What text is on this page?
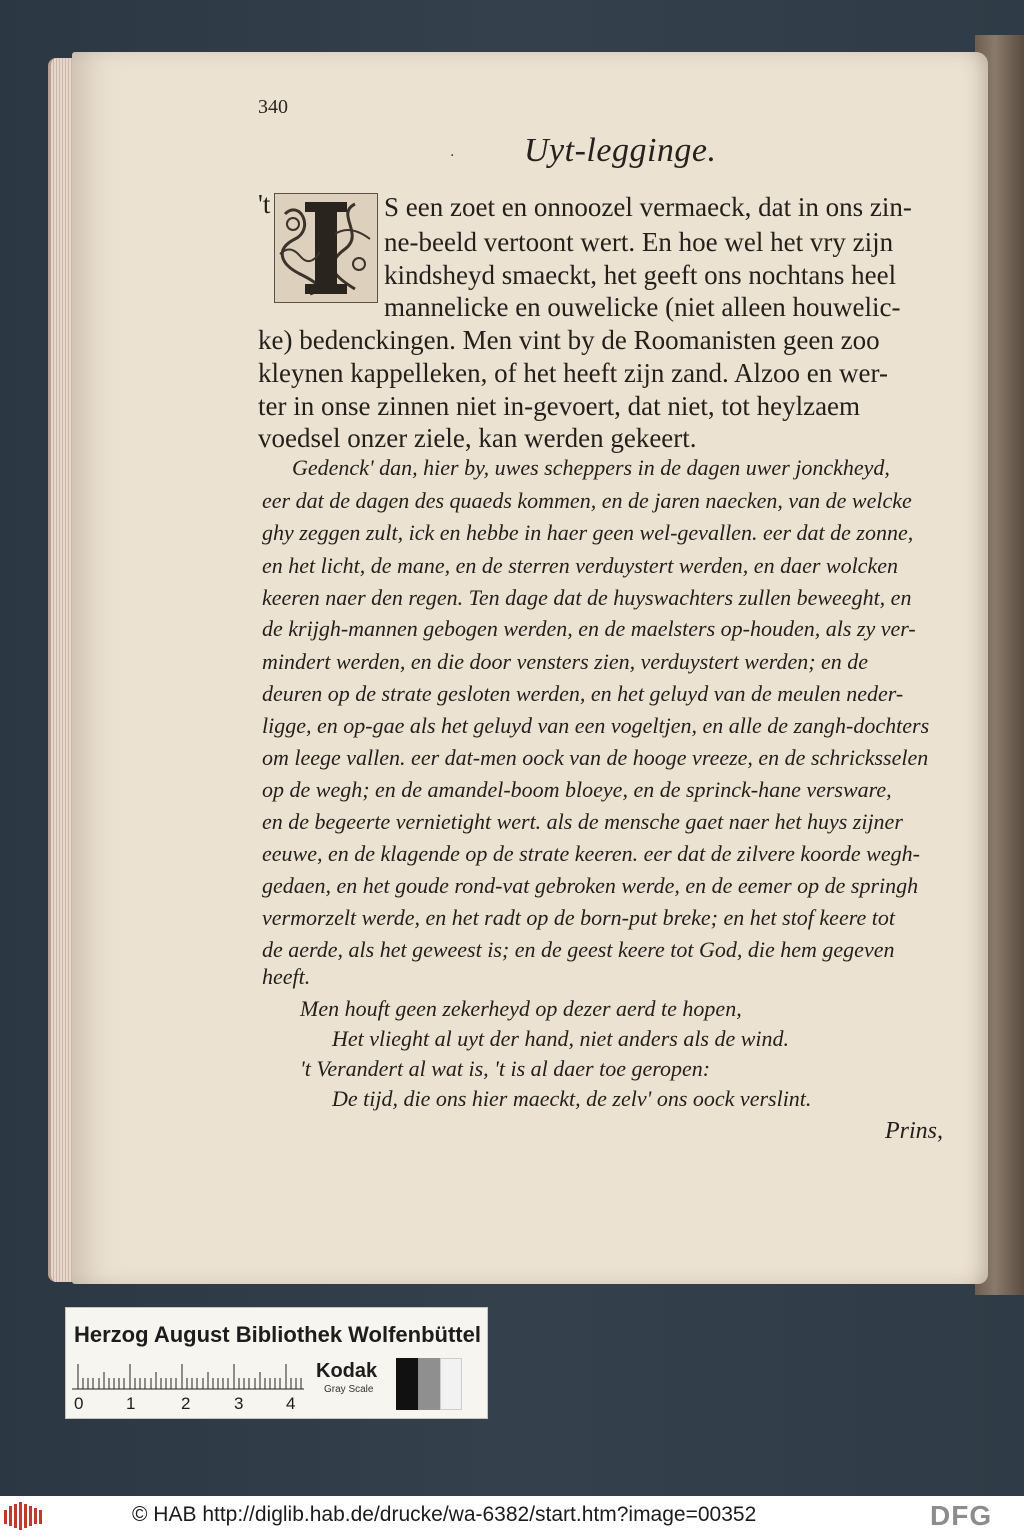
340
· Uyt-legginge.
't	S een zoet en onnoozel vermaeck, dat in ons zin-
ne-beeld vertoont wert. En hoe wel het vry zijn
kindsheyd smaeckt, het geeft ons nochtans heel
mannelicke en ouwelicke (niet alleen houwelic-
ke) bedenckingen. Men vint by de Roomanisten geen zoo
kleynen kappelleken, of het heeft zijn zand. Alzoo en wer-
ter in onse zinnen niet in-gevoert, dat niet, tot heylzaem
voedsel onzer ziele, kan werden gekeert.
Gedenck' dan, hier by, uwes scheppers in de dagen uwer jonckheyd,
eer dat de dagen des quaeds kommen, en de jaren naecken, van de welcke
ghy zeggen zult, ick en hebbe in haer geen wel-gevallen. eer dat de zonne,
en het licht, de mane, en de sterren verduystert werden, en daer wolcken
keeren naer den regen. Ten dage dat de huyswachters zullen beweeght, en
de krijgh-mannen gebogen werden, en de maelsters op-houden, als zy ver-
mindert werden, en die door vensters zien, verduystert werden; en de
deuren op de strate gesloten werden, en het geluyd van de meulen neder-
ligge, en op-gae als het geluyd van een vogeltjen, en alle de zangh-dochters
om leege vallen. eer dat-men oock van de hooge vreeze, en de schricksselen
op de wegh; en de amandel-boom bloeye, en de sprinck-hane versware,
en de begeerte vernietight wert. als de mensche gaet naer het huys zijner
eeuwe, en de klagende op de strate keeren. eer dat de zilvere koorde wegh-
gedaen, en het goude rond-vat gebroken werde, en de eemer op de springh
vermorzelt werde, en het radt op de born-put breke; en het stof keere tot
de aerde, als het geweest is; en de geest keere tot God, die hem gegeven
heeft.
Men houft geen zekerheyd op dezer aerd te hopen,
Het vlieght al uyt der hand, niet anders als de wind.
't Verandert al wat is, 't is al daer toe geropen:
De tijd, die ons hier maeckt, de zelv' ons oock verslint.
Prins,
Herzog August Bibliothek Wolfenbüttel
0	1	2	3	4
Kodak
Gray Scale
© HAB http://diglib.hab.de/drucke/wa-6382/start.htm?image=00352	DFG
